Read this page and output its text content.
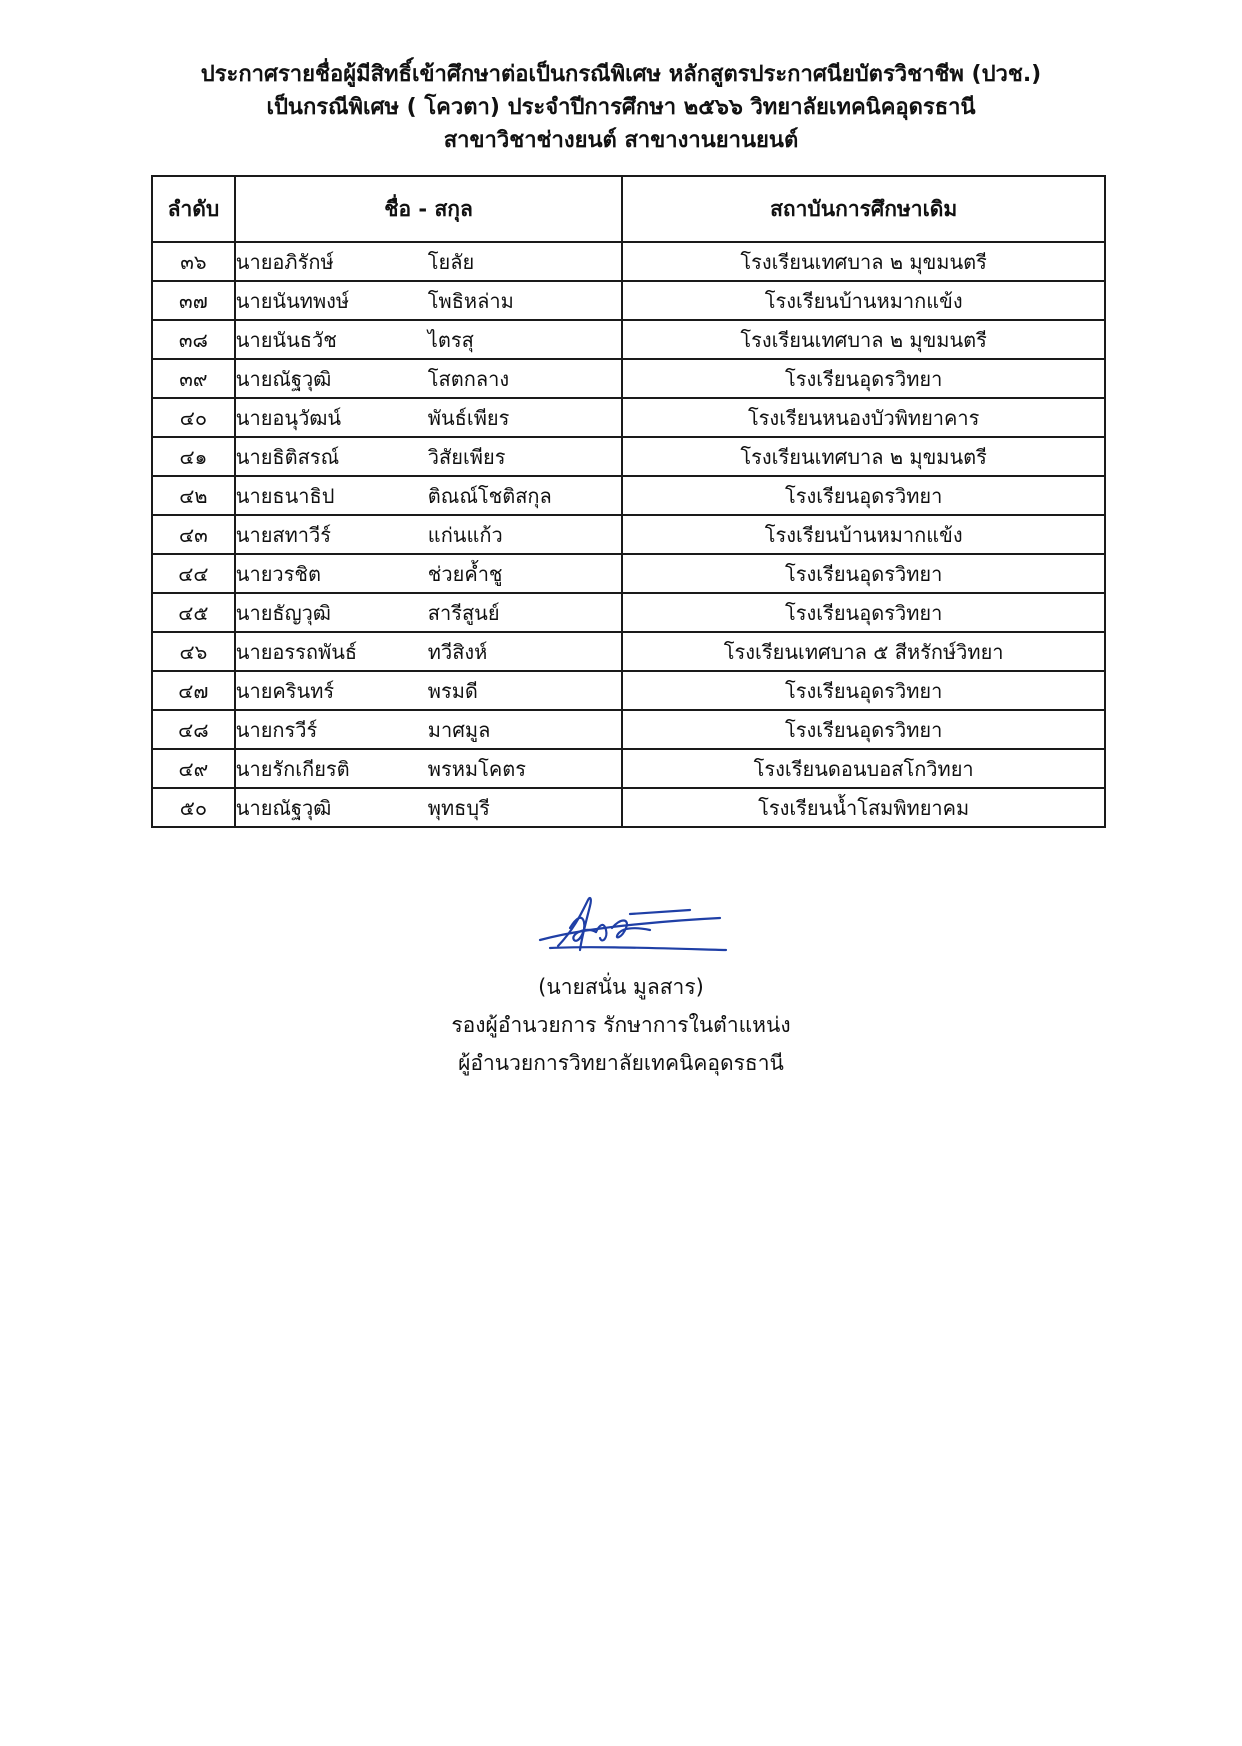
ประกาศรายชื่อผู้มีสิทธิ์เข้าศึกษาต่อเป็นกรณีพิเศษ หลักสูตรประกาศนียบัตรวิชาชีพ (ปวช.)
เป็นกรณีพิเศษ ( โควตา) ประจำปีการศึกษา ๒๕๖๖ วิทยาลัยเทคนิคอุดรธานี
สาขาวิชาช่างยนต์ สาขางานยานยนต์
ลำดับ	ชื่อ - สกุล	สถาบันการศึกษาเดิม
๓๖	นายอภิรักษ์ โยลัย	โรงเรียนเทศบาล ๒ มุขมนตรี
๓๗	นายนันทพงษ์ โพธิหล่าม	โรงเรียนบ้านหมากแข้ง
๓๘	นายนันธวัช ไตรสุ	โรงเรียนเทศบาล ๒ มุขมนตรี
๓๙	นายณัฐวุฒิ โสตกลาง	โรงเรียนอุดรวิทยา
๔๐	นายอนุวัฒน์ พันธ์เพียร	โรงเรียนหนองบัวพิทยาคาร
๔๑	นายธิติสรณ์ วิสัยเพียร	โรงเรียนเทศบาล ๒ มุขมนตรี
๔๒	นายธนาธิป ติณณ์โชติสกุล	โรงเรียนอุดรวิทยา
๔๓	นายสทาวีร์ แก่นแก้ว	โรงเรียนบ้านหมากแข้ง
๔๔	นายวรชิต ช่วยค้ำชู	โรงเรียนอุดรวิทยา
๔๕	นายธัญวุฒิ สารีสูนย์	โรงเรียนอุดรวิทยา
๔๖	นายอรรถพันธ์ ทวีสิงห์	โรงเรียนเทศบาล ๕ สีหรักษ์วิทยา
๔๗	นายครินทร์ พรมดี	โรงเรียนอุดรวิทยา
๔๘	นายกรวีร์ มาศมูล	โรงเรียนอุดรวิทยา
๔๙	นายรักเกียรติ พรหมโคตร	โรงเรียนดอนบอสโกวิทยา
๕๐	นายณัฐวุฒิ พุทธบุรี	โรงเรียนน้ำโสมพิทยาคม
(นายสนั่น มูลสาร)
รองผู้อำนวยการ รักษาการในตำแหน่ง
ผู้อำนวยการวิทยาลัยเทคนิคอุดรธานี
